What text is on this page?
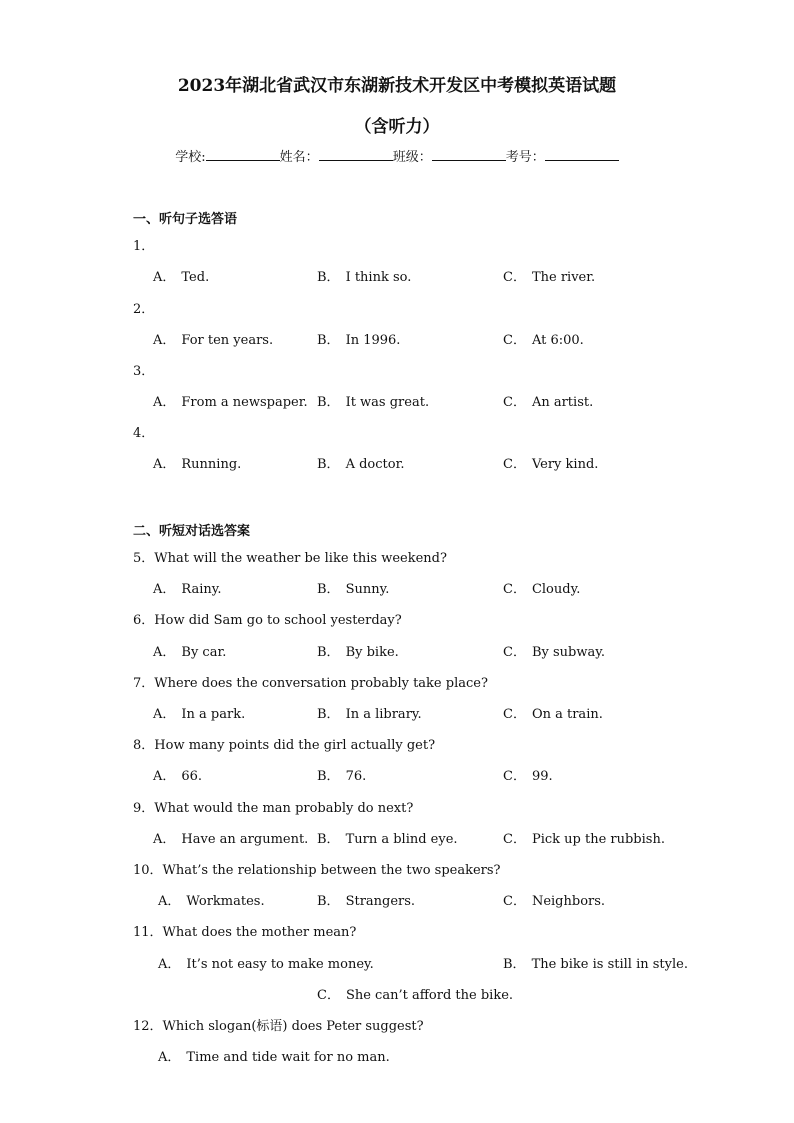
2023年湖北省武汉市东湖新技术开发区中考模拟英语试题
（含听力）
学校:	姓名：	班级：	考号：
一、听句子选答语
1．
A． Ted.	B． I think so.	C． The river.
2．
A． For ten years.	B． In 1996.	C． At 6:00.
3．
A． From a newspaper. B． It was great.	C． An artist.
4．
A． Running.	B． A doctor.	C． Very kind.
二、听短对话选答案
5．What will the weather be like this weekend?
A． Rainy.	B． Sunny.	C． Cloudy.
6．How did Sam go to school yesterday?
A． By car.	B． By bike.	C． By subway.
7．Where does the conversation probably take place?
A． In a park.	B． In a library.	C． On a train.
8．How many points did the girl actually get?
A． 66.	B． 76.	C． 99.
9．What would the man probably do next?
A． Have an argument. B． Turn a blind eye.	C． Pick up the rubbish.
10．What’s the relationship between the two speakers?
A． Workmates.	B． Strangers.	C． Neighbors.
11．What does the mother mean?
A． It’s not easy to make money.	B． The bike is still in style.
C． She can’t afford the bike.
12．Which slogan(标语) does Peter suggest?
A． Time and tide wait for no man.
